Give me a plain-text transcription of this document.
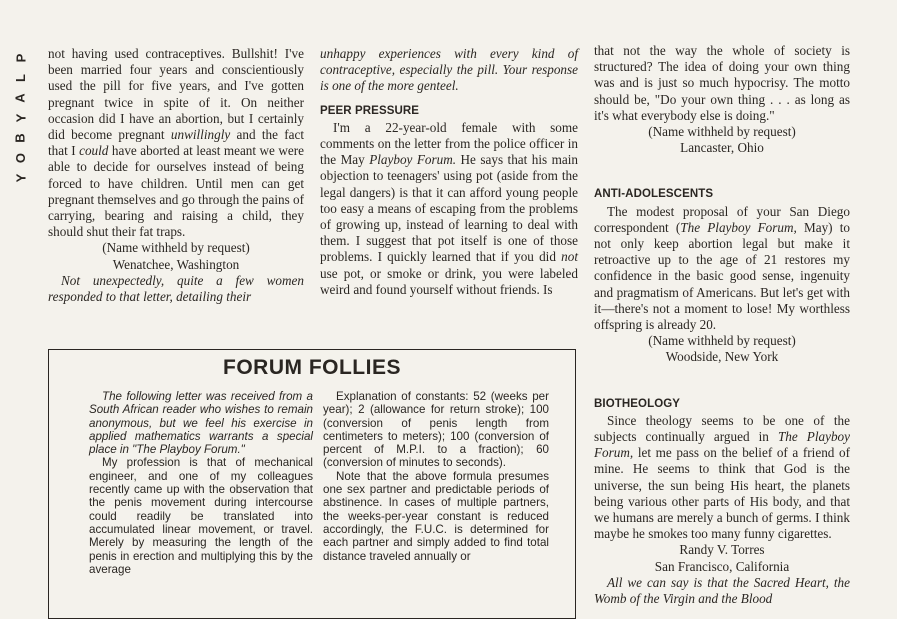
P
L
A
Y
B
O
Y

not having used contraceptives. Bullshit! I've been married four years and conscientiously used the pill for five years, and I've gotten pregnant twice in spite of it. On neither occasion did I have an abortion, but I certainly did become pregnant unwillingly and the fact that I could have aborted at least meant we were able to decide for ourselves instead of being forced to have children. Until men can get pregnant themselves and go through the pains of carrying, bearing and raising a child, they should shut their fat traps.

(Name withheld by request)

Wenatchee, Washington

Not unexpectedly, quite a few women responded to that letter, detailing their

unhappy experiences with every kind of contraceptive, especially the pill. Your response is one of the more genteel.

PEER PRESSURE

I'm a 22-year-old female with some comments on the letter from the police officer in the May Playboy Forum. He says that his main objection to teenagers' using pot (aside from the legal dangers) is that it can afford young people too easy a means of escaping from the problems of growing up, instead of learning to deal with them. I suggest that pot itself is one of those problems. I quickly learned that if you did not use pot, or smoke or drink, you were labeled weird and found yourself without friends. Is

that not the way the whole of society is structured? The idea of doing your own thing was and is just so much hypocrisy. The motto should be, "Do your own thing . . . as long as it's what everybody else is doing."

(Name withheld by request)

Lancaster, Ohio

ANTI-ADOLESCENTS

The modest proposal of your San Diego correspondent (The Playboy Forum, May) to not only keep abortion legal but make it retroactive up to the age of 21 restores my confidence in the basic good sense, ingenuity and pragmatism of Americans. But let's get with it—there's not a moment to lose! My worthless offspring is already 20.

(Name withheld by request)

Woodside, New York

BIOTHEOLOGY

Since theology seems to be one of the subjects continually argued in The Playboy Forum, let me pass on the belief of a friend of mine. He seems to think that God is the universe, the sun being His heart, the planets being various other parts of His body, and that we humans are merely a bunch of germs. I think maybe he smokes too many funny cigarettes.

Randy V. Torres

San Francisco, California

All we can say is that the Sacred Heart, the Womb of the Virgin and the Blood

FORUM FOLLIES

The following letter was received from a South African reader who wishes to remain anonymous, but we feel his exercise in applied mathematics warrants a special place in "The Playboy Forum."

My profession is that of mechanical engineer, and one of my colleagues recently came up with the observation that the penis movement during intercourse could readily be translated into accumulated linear movement, or travel. Merely by measuring the length of the penis in erection and multiplying this by the average

Explanation of constants: 52 (weeks per year); 2 (allowance for return stroke); 100 (conversion of penis length from centimeters to meters); 100 (conversion of percent of M.P.I. to a fraction); 60 (conversion of minutes to seconds).

Note that the above formula presumes one sex partner and predictable periods of abstinence. In cases of multiple partners, the weeks-per-year constant is reduced accordingly, the F.U.C. is determined for each partner and simply added to find total distance traveled annually or
